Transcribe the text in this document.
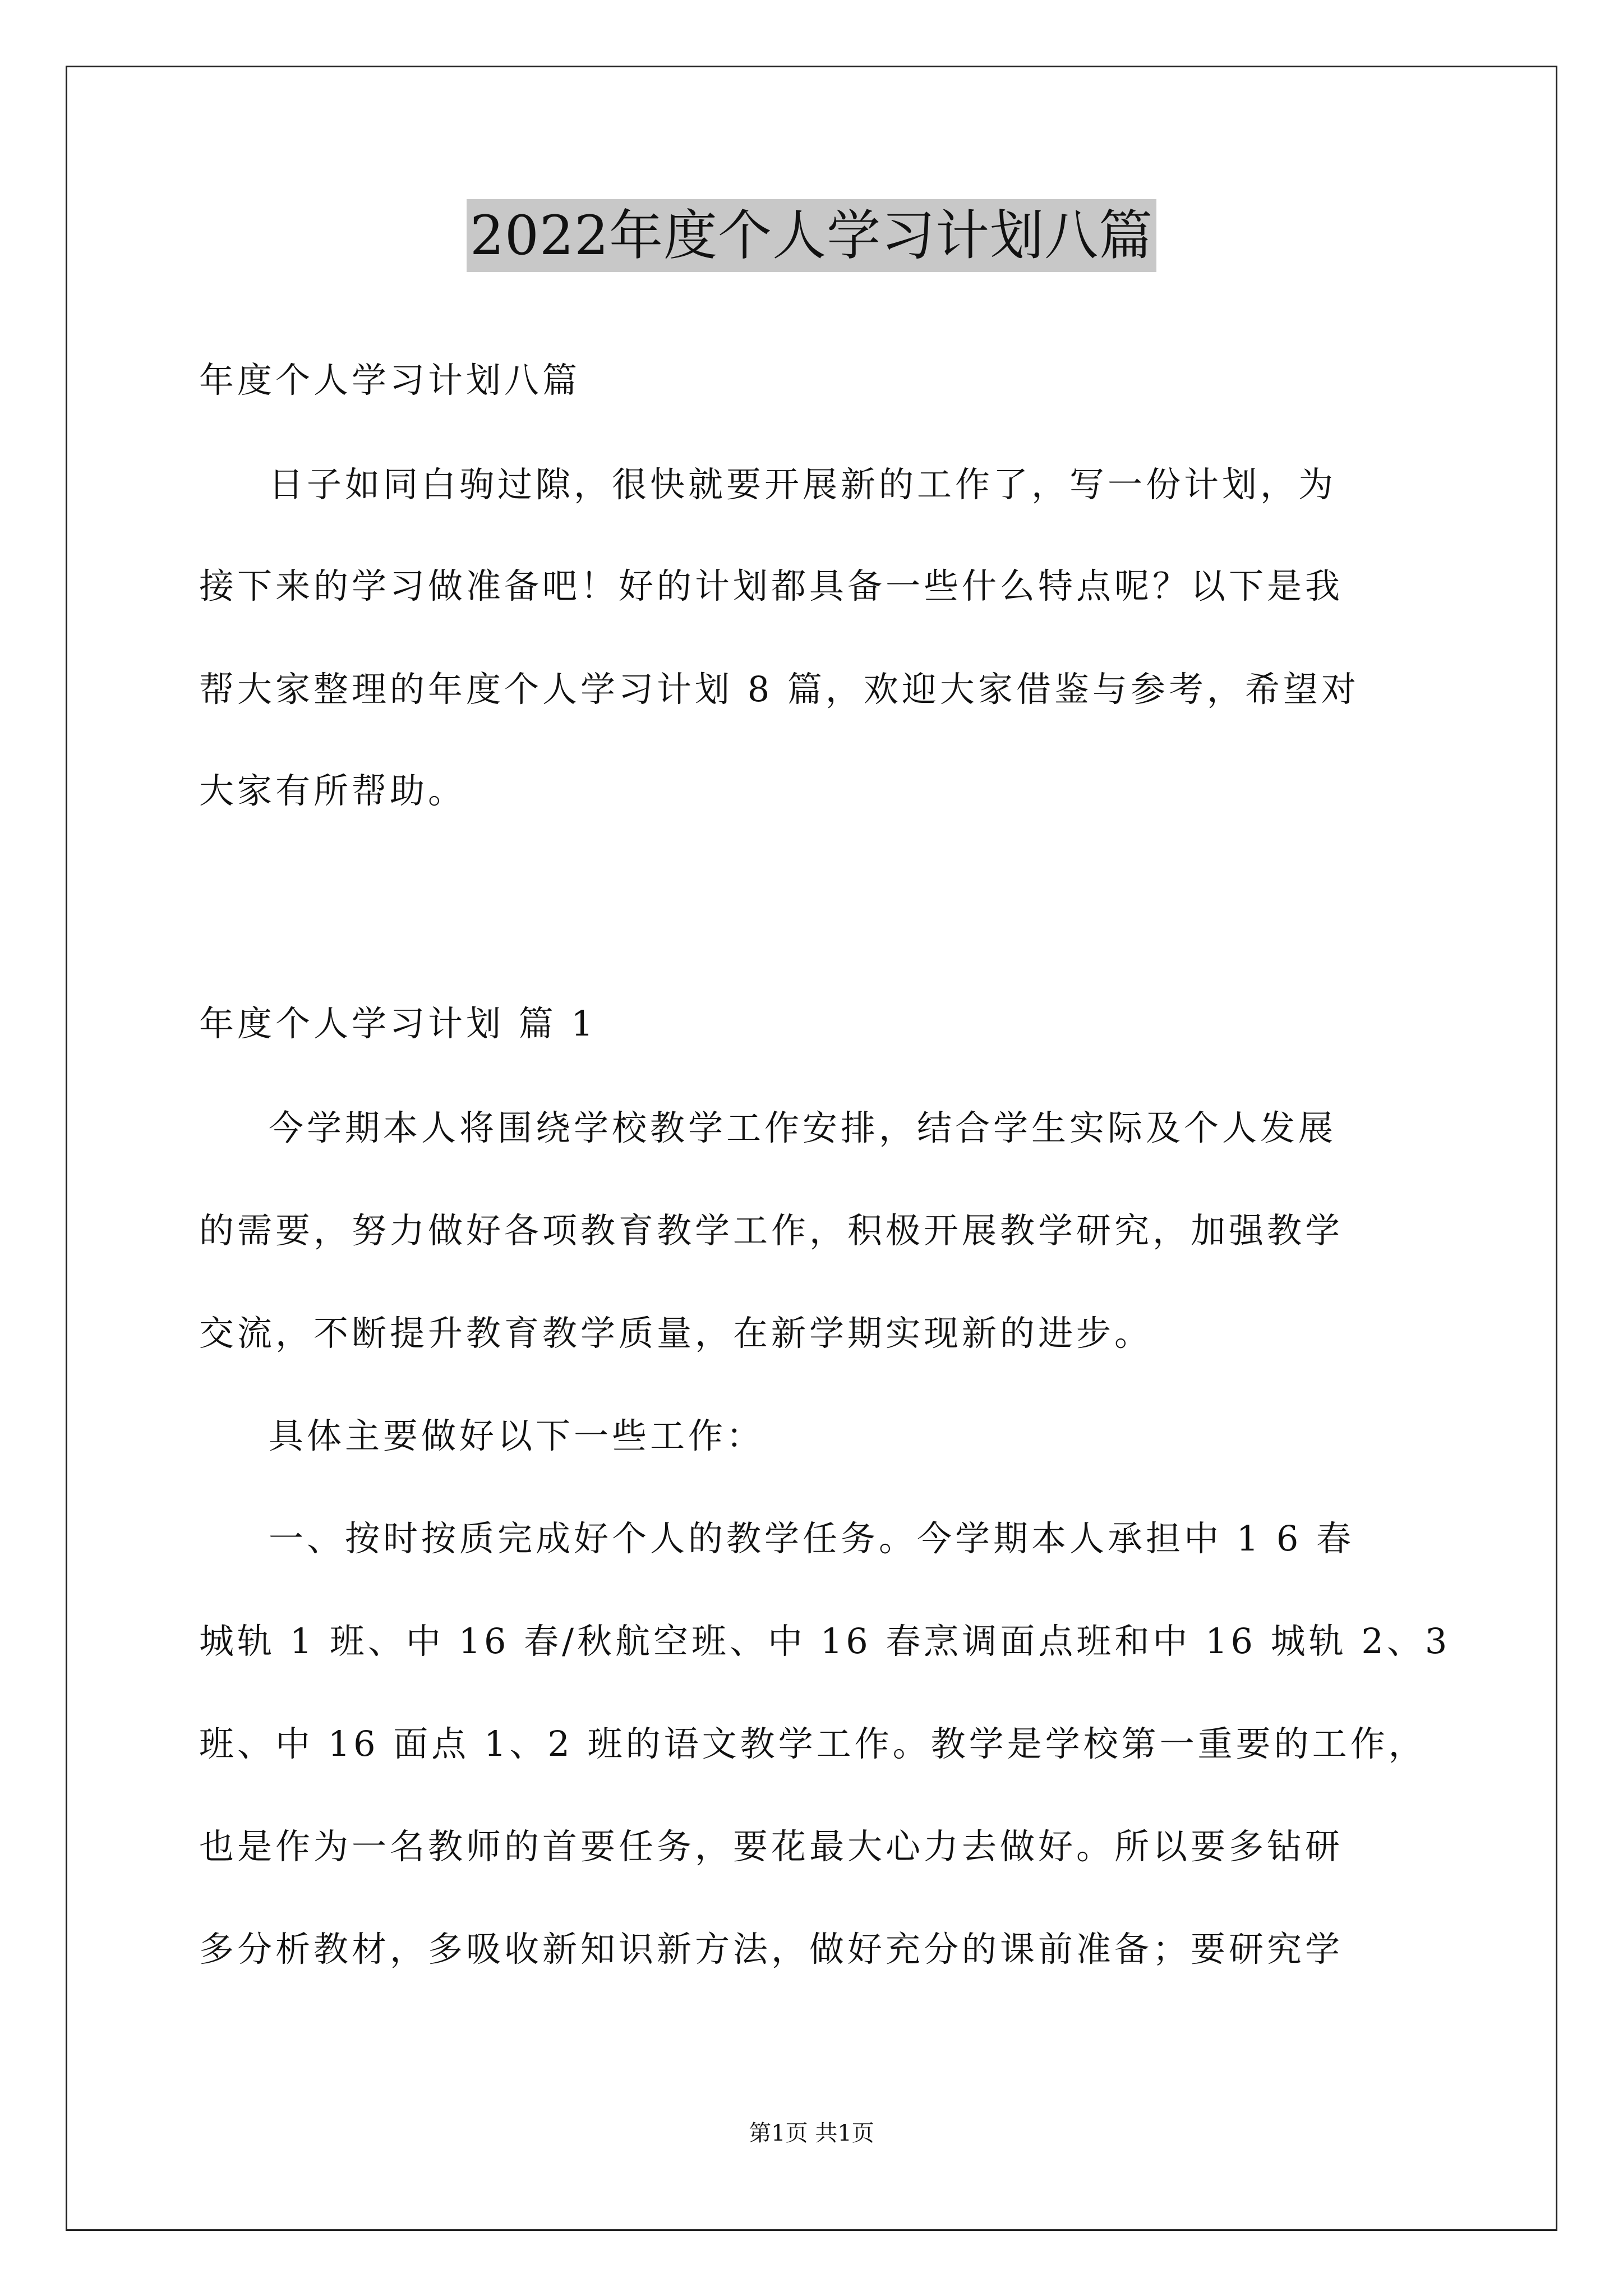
2022年度个人学习计划八篇
年度个人学习计划八篇
日子如同白驹过隙，很快就要开展新的工作了，写一份计划，为
接下来的学习做准备吧！好的计划都具备一些什么特点呢？以下是我
帮大家整理的年度个人学习计划 8 篇，欢迎大家借鉴与参考，希望对
大家有所帮助。
年度个人学习计划 篇 1
今学期本人将围绕学校教学工作安排，结合学生实际及个人发展
的需要，努力做好各项教育教学工作，积极开展教学研究，加强教学
交流，不断提升教育教学质量，在新学期实现新的进步。
具体主要做好以下一些工作：
一、按时按质完成好个人的教学任务。今学期本人承担中 1 6 春
城轨 1 班、中 16 春/秋航空班、中 16 春烹调面点班和中 16 城轨 2、3
班、中 16 面点 1、2 班的语文教学工作。教学是学校第一重要的工作，
也是作为一名教师的首要任务，要花最大心力去做好。所以要多钻研
多分析教材，多吸收新知识新方法，做好充分的课前准备；要研究学
第1页 共1页
